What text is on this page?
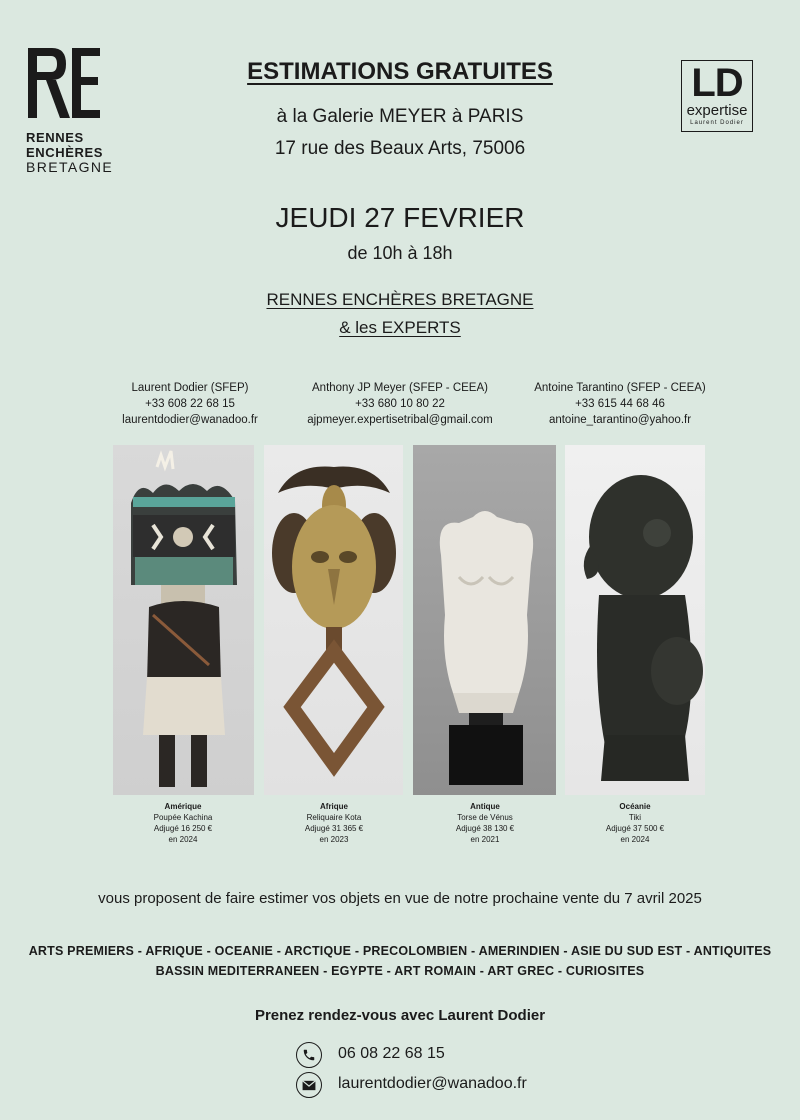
RENNES

ENCHÈRES

BRETAGNE

LD
expertise
Laurent Dodier
ESTIMATIONS GRATUITES
à la Galerie MEYER à PARIS
17 rue des Beaux Arts, 75006
JEUDI 27 FEVRIER
de 10h à 18h
RENNES ENCHÈRES BRETAGNE
& les EXPERTS
Laurent Dodier (SFEP)
+33 608 22 68 15
laurentdodier@wanadoo.fr
Anthony JP Meyer (SFEP - CEEA)
+33 680 10 80 22
ajpmeyer.expertisetribal@gmail.com
Antoine Tarantino (SFEP - CEEA)
+33 615 44 68 46
antoine_tarantino@yahoo.fr
Amérique
Poupée Kachina
Adjugé 16 250 €
en 2024
Afrique
Reliquaire Kota
Adjugé 31 365 €
en 2023
Antique
Torse de Vénus
Adjugé 38 130 €
en 2021
Océanie
Tiki
Adjugé 37 500 €
en 2024
vous proposent de faire estimer vos objets en vue de notre prochaine vente du 7 avril 2025
ARTS PREMIERS - AFRIQUE - OCEANIE - ARCTIQUE - PRECOLOMBIEN - AMERINDIEN - ASIE DU SUD EST - ANTIQUITES
BASSIN MEDITERRANEEN - EGYPTE - ART ROMAIN - ART GREC - CURIOSITES
Prenez rendez-vous avec Laurent Dodier
06 08 22 68 15
laurentdodier@wanadoo.fr
